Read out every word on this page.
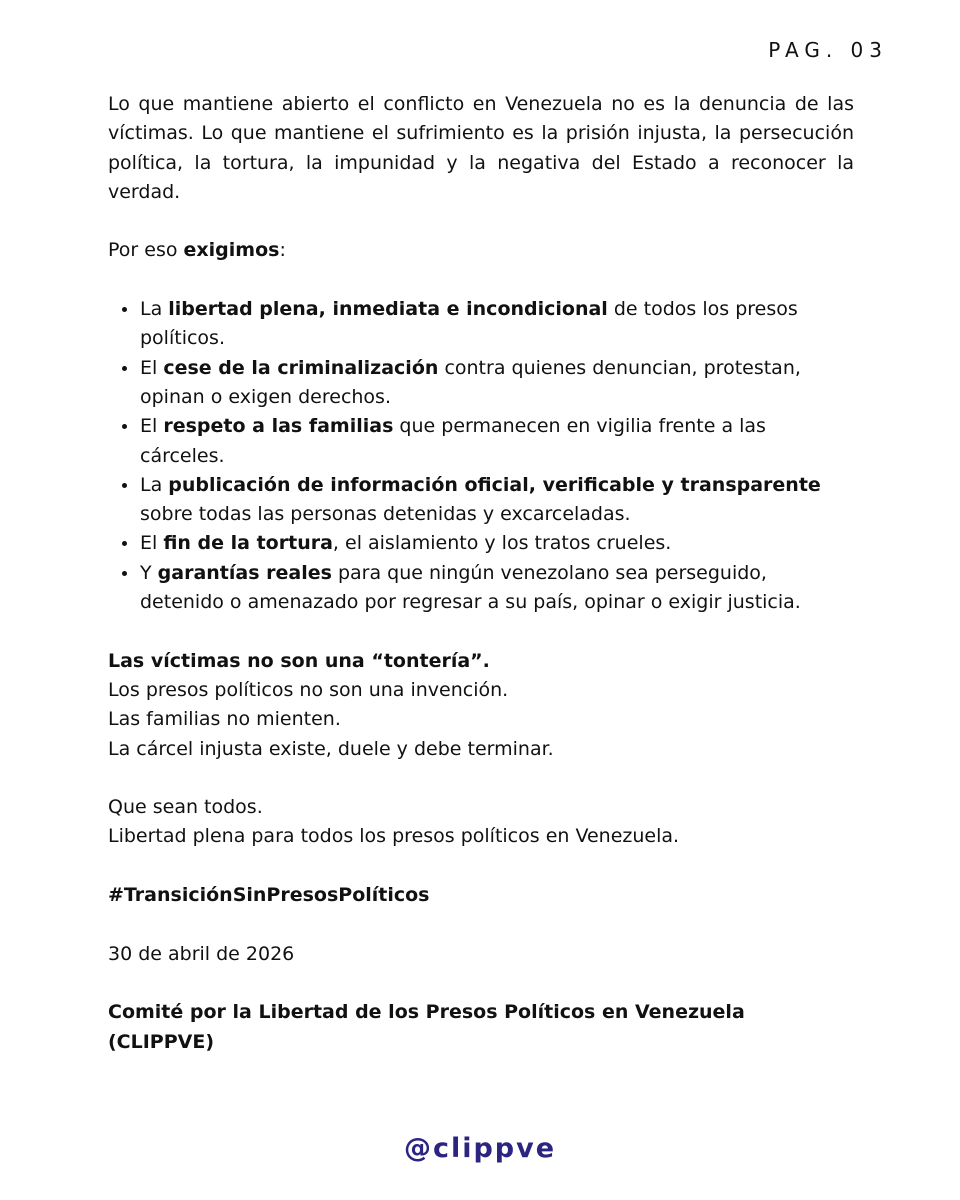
PAG. 03

Lo que mantiene abierto el conflicto en Venezuela no es la denuncia de las víctimas. Lo que mantiene el sufrimiento es la prisión injusta, la persecución política, la tortura, la impunidad y la negativa del Estado a reconocer la verdad.

Por eso exigimos:

La libertad plena, inmediata e incondicional de todos los presos políticos.
El cese de la criminalización contra quienes denuncian, protestan, opinan o exigen derechos.
El respeto a las familias que permanecen en vigilia frente a las cárceles.
La publicación de información oficial, verificable y transparente sobre todas las personas detenidas y excarceladas.
El fin de la tortura, el aislamiento y los tratos crueles.
Y garantías reales para que ningún venezolano sea perseguido, detenido o amenazado por regresar a su país, opinar o exigir justicia.
Las víctimas no son una “tontería”.
Los presos políticos no son una invención.
Las familias no mienten.
La cárcel injusta existe, duele y debe terminar.
Que sean todos.
Libertad plena para todos los presos políticos en Venezuela.
#TransiciónSinPresosPolíticos
30 de abril de 2026
Comité por la Libertad de los Presos Políticos en Venezuela (CLIPPVE)
@clippve
